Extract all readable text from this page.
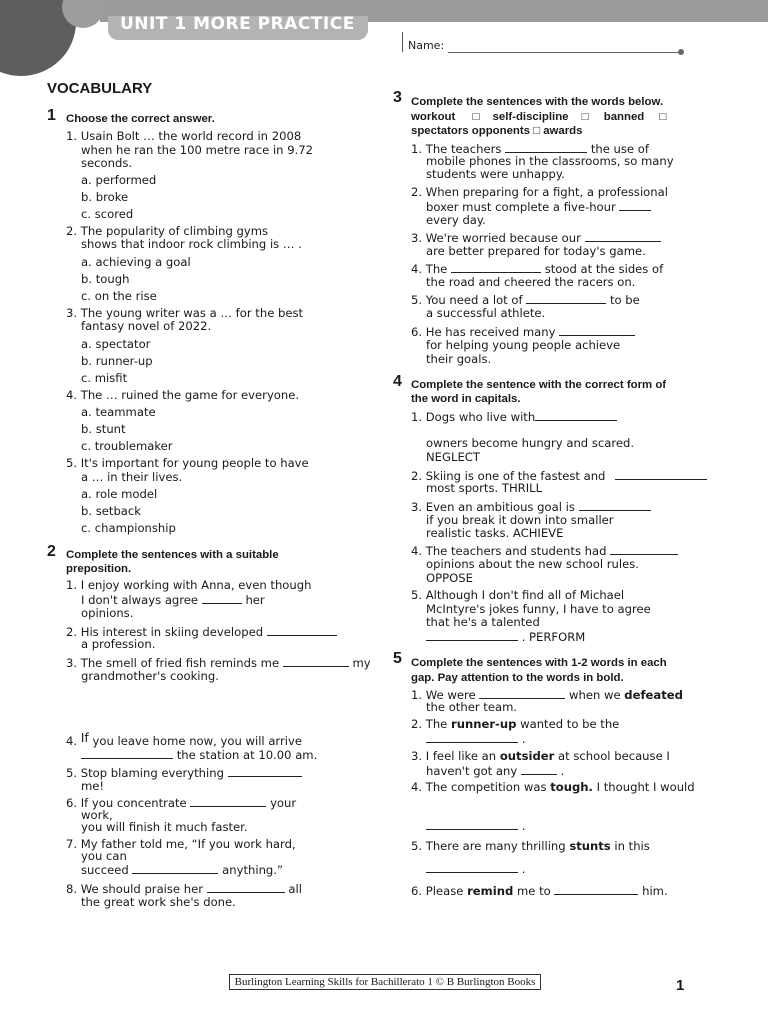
UNIT 1 MORE PRACTICE
Name:
VOCABULARY
1 Choose the correct answer.
1. Usain Bolt … the world record in 2008
when he ran the 100 metre race in 9.72
seconds.
a. performed
b. broke
c. scored
2. The popularity of climbing gyms
shows that indoor rock climbing is … .
a. achieving a goal
b. tough
c. on the rise
3. The young writer was a … for the best
fantasy novel of 2022.
a. spectator
b. runner-up
c. misfit
4. The … ruined the game for everyone.
a. teammate
b. stunt
c. troublemaker
5. It's important for young people to have
a … in their lives.
a. role model
b. setback
c. championship
2 Complete the sentences with a suitable
preposition.
1. I enjoy working with Anna, even though
I don't always agree	her
opinions.
2. His interest in skiing developed
a profession.
3. The smell of fried fish reminds me	my
grandmother's cooking.
4. If you leave home now, you will arrive
the station at 10.00 am.
5. Stop blaming everything
me!
6. If you concentrate	your
work,
you will finish it much faster.
7. My father told me, “If you work hard,
you can
succeed	anything.”
8. We should praise her	all
the great work she's done.
3 Complete the sentences with the words below.
workout □ self-discipline □ banned □
spectators opponents □ awards
1. The teachers	the use of
mobile phones in the classrooms, so many
students were unhappy.
2. When preparing for a fight, a professional
boxer must complete a five-hour
every day.
3. We're worried because our
are better prepared for today's game.
4. The	stood at the sides of
the road and cheered the racers on.
5. You need a lot of	to be
a successful athlete.
6. He has received many
for helping young people achieve
their goals.
4 Complete the sentence with the correct form of
the word in capitals.
1. Dogs who live with
owners become hungry and scared.
NEGLECT
2. Skiing is one of the fastest and
most sports. THRILL
3. Even an ambitious goal is
if you break it down into smaller
realistic tasks. ACHIEVE
4. The teachers and students had
opinions about the new school rules.
OPPOSE
5. Although I don't find all of Michael
McIntyre's jokes funny, I have to agree
that he's a talented
. PERFORM
5 Complete the sentences with 1-2 words in each
gap. Pay attention to the words in bold.
1. We were	when we defeated
the other team.
2. The runner-up wanted to be the
.
3. I feel like an outsider at school because I
haven't got any	.
4. The competition was tough. I thought I would
.
5. There are many thrilling stunts in this
.
6. Please remind me to	him.
Burlington Learning Skills for Bachillerato 1 © B Burlington Books	1
